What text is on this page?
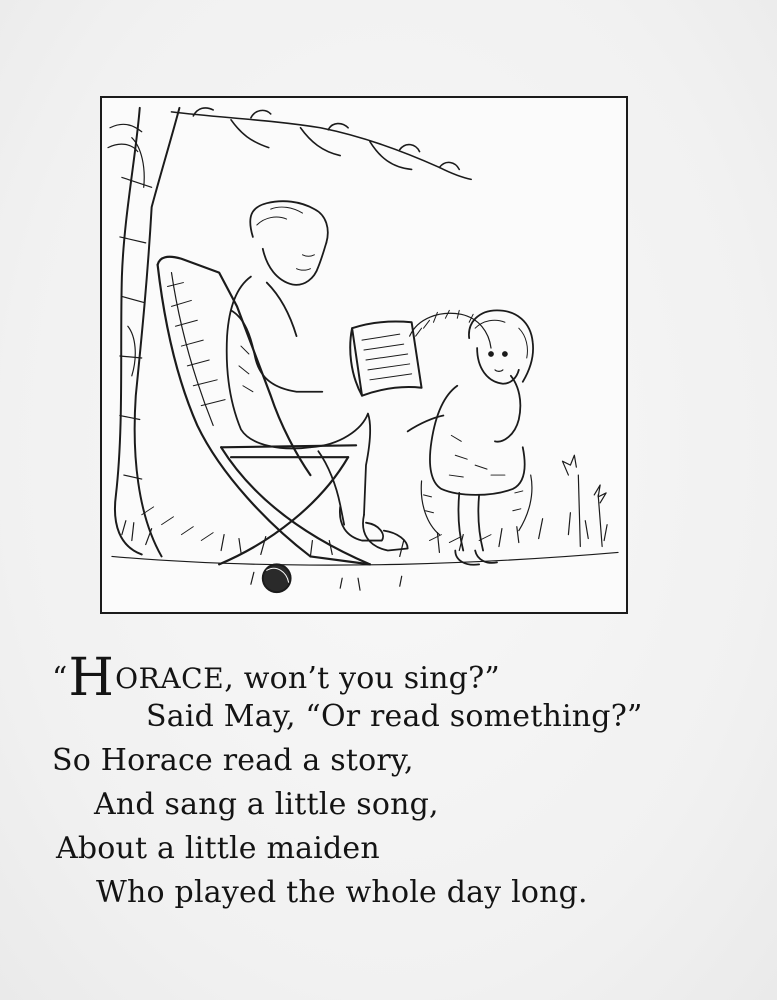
“HORACE, won’t you sing?”
Said May, “Or read something?”
So Horace read a story,
And sang a little song,
About a little maiden
Who played the whole day long.
